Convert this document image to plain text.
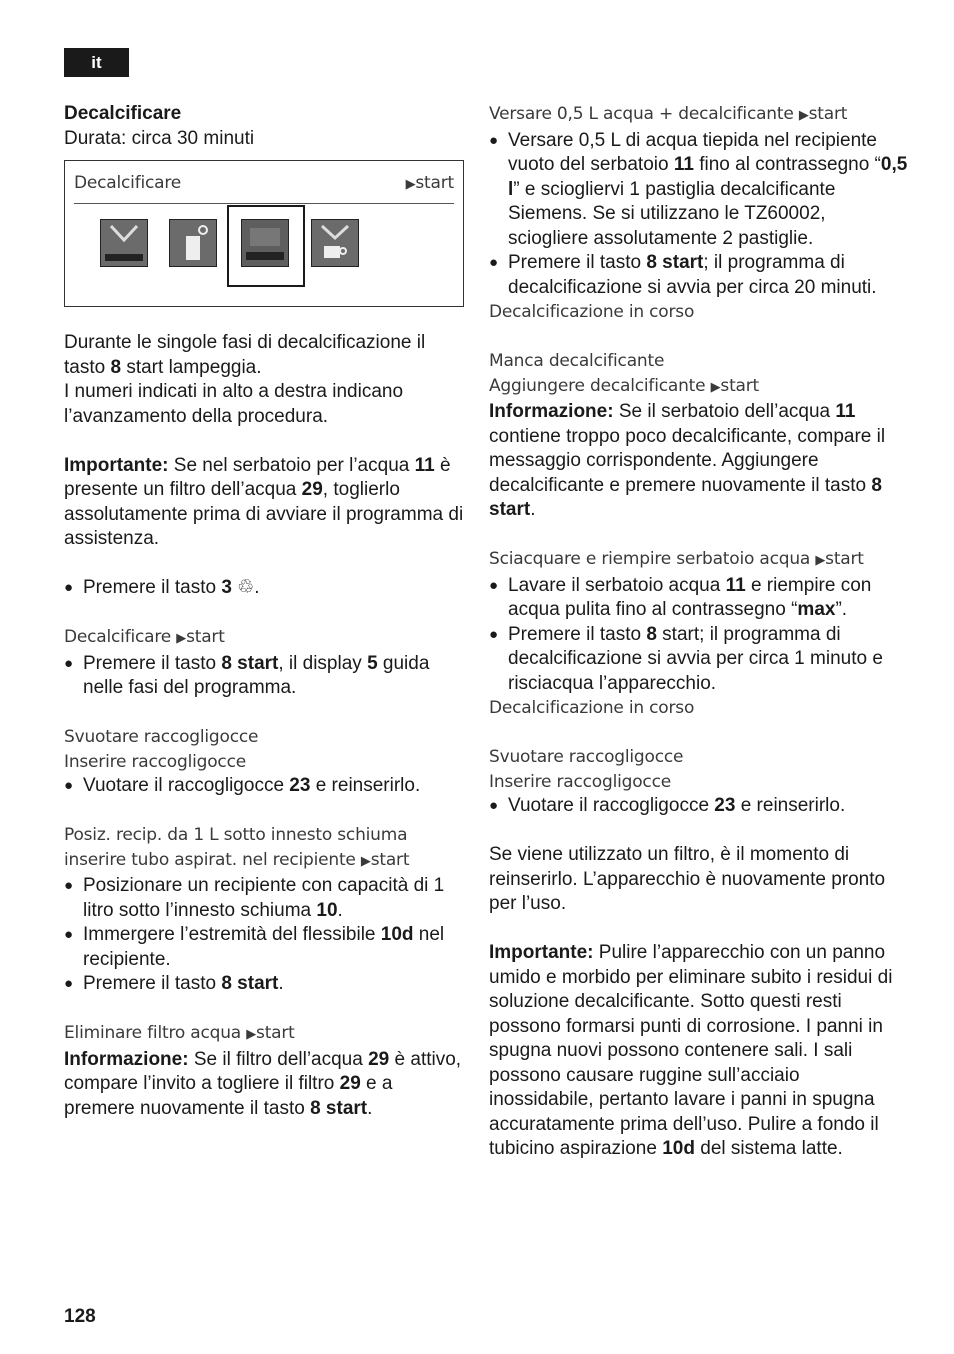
it

Decalcificare

Durata: circa 30 minuti

Decalcificare	▶start

Durante le singole fasi di decalcificazione il tasto 8 start lampeggia.

I numeri indicati in alto a destra indicano l’avanzamento della procedura.

Importante: Se nel serbatoio per l’acqua 11 è presente un filtro dell’acqua 29, toglierlo assolutamente prima di avviare il programma di assistenza.

● Premere il tasto 3 ♲.

Decalcificare ▶start

● Premere il tasto 8 start, il display 5 guida nelle fasi del programma.

Svuotare raccogligocce

Inserire raccogligocce

● Vuotare il raccogligocce 23 e reinserirlo.

Posiz. recip. da 1 L sotto innesto schiuma

inserire tubo aspirat. nel recipiente ▶start

● Posizionare un recipiente con capacità di 1 litro sotto l’innesto schiuma 10.

● Immergere l’estremità del flessibile 10d nel recipiente.

● Premere il tasto 8 start.

Eliminare filtro acqua ▶start

Informazione: Se il filtro dell’acqua 29 è attivo, compare l’invito a togliere il filtro 29 e a premere nuovamente il tasto 8 start.

Versare 0,5 L acqua + decalcificante ▶start

● Versare 0,5 L di acqua tiepida nel recipiente vuoto del serbatoio 11 fino al contrassegno “0,5 l” e sciogliervi 1 pastiglia decalcificante Siemens. Se si utilizzano le TZ60002, sciogliere assolutamente 2 pastiglie.

● Premere il tasto 8 start; il programma di decalcificazione si avvia per circa 20 minuti.

Decalcificazione in corso

Manca decalcificante

Aggiungere decalcificante ▶start

Informazione: Se il serbatoio dell’acqua 11 contiene troppo poco decalcificante, compare il messaggio corrispondente. Aggiungere decalcificante e premere nuovamente il tasto 8 start.

Sciacquare e riempire serbatoio acqua ▶start

● Lavare il serbatoio acqua 11 e riempire con acqua pulita fino al contrassegno “max”.

● Premere il tasto 8 start; il programma di decalcificazione si avvia per circa 1 minuto e risciacqua l’apparecchio.

Decalcificazione in corso

Svuotare raccogligocce

Inserire raccogligocce

● Vuotare il raccogligocce 23 e reinserirlo.

Se viene utilizzato un filtro, è il momento di reinserirlo. L’apparecchio è nuovamente pronto per l’uso.

Importante: Pulire l’apparecchio con un panno umido e morbido per eliminare subito i residui di soluzione decalcificante. Sotto questi resti possono formarsi punti di corrosione. I panni in spugna nuovi possono contenere sali. I sali possono causare ruggine sull’acciaio inossidabile, pertanto lavare i panni in spugna accuratamente prima dell’uso. Pulire a fondo il tubicino aspirazione 10d del sistema latte.

128
